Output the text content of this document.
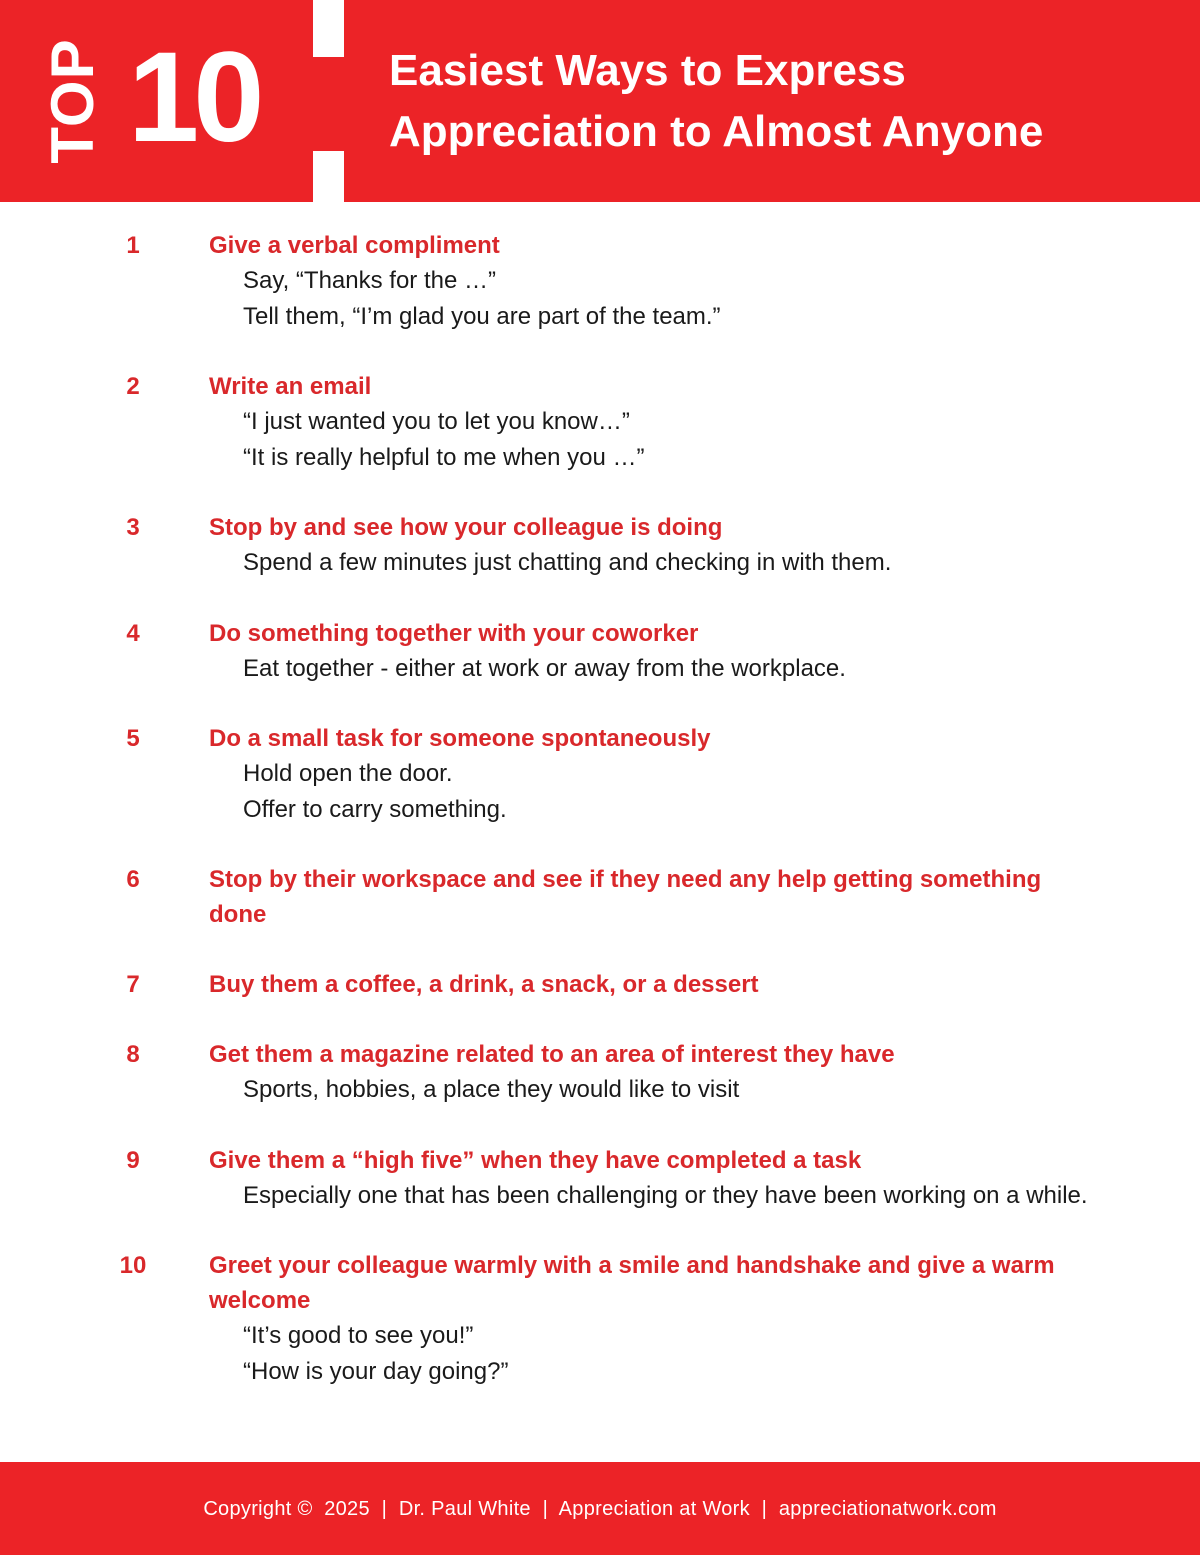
TOP 10	Easiest Ways to Express
Appreciation to Almost Anyone
1	Give a verbal compliment
Say, “Thanks for the …”
Tell them, “I’m glad you are part of the team.”
2	Write an email
“I just wanted you to let you know…”
“It is really helpful to me when you …”
3	Stop by and see how your colleague is doing
Spend a few minutes just chatting and checking in with them.
4	Do something together with your coworker
Eat together - either at work or away from the workplace.
5	Do a small task for someone spontaneously
Hold open the door.
Offer to carry something.
6	Stop by their workspace and see if they need any help getting something done
7	Buy them a coffee, a drink, a snack, or a dessert
8	Get them a magazine related to an area of interest they have
Sports, hobbies, a place they would like to visit
9	Give them a “high five” when they have completed a task
Especially one that has been challenging or they have been working on a while.
10	Greet your colleague warmly with a smile and handshake and give a warm welcome
“It’s good to see you!”
“How is your day going?”
Copyright ©  2025  |  Dr. Paul White  |  Appreciation at Work  |  appreciationatwork.com
